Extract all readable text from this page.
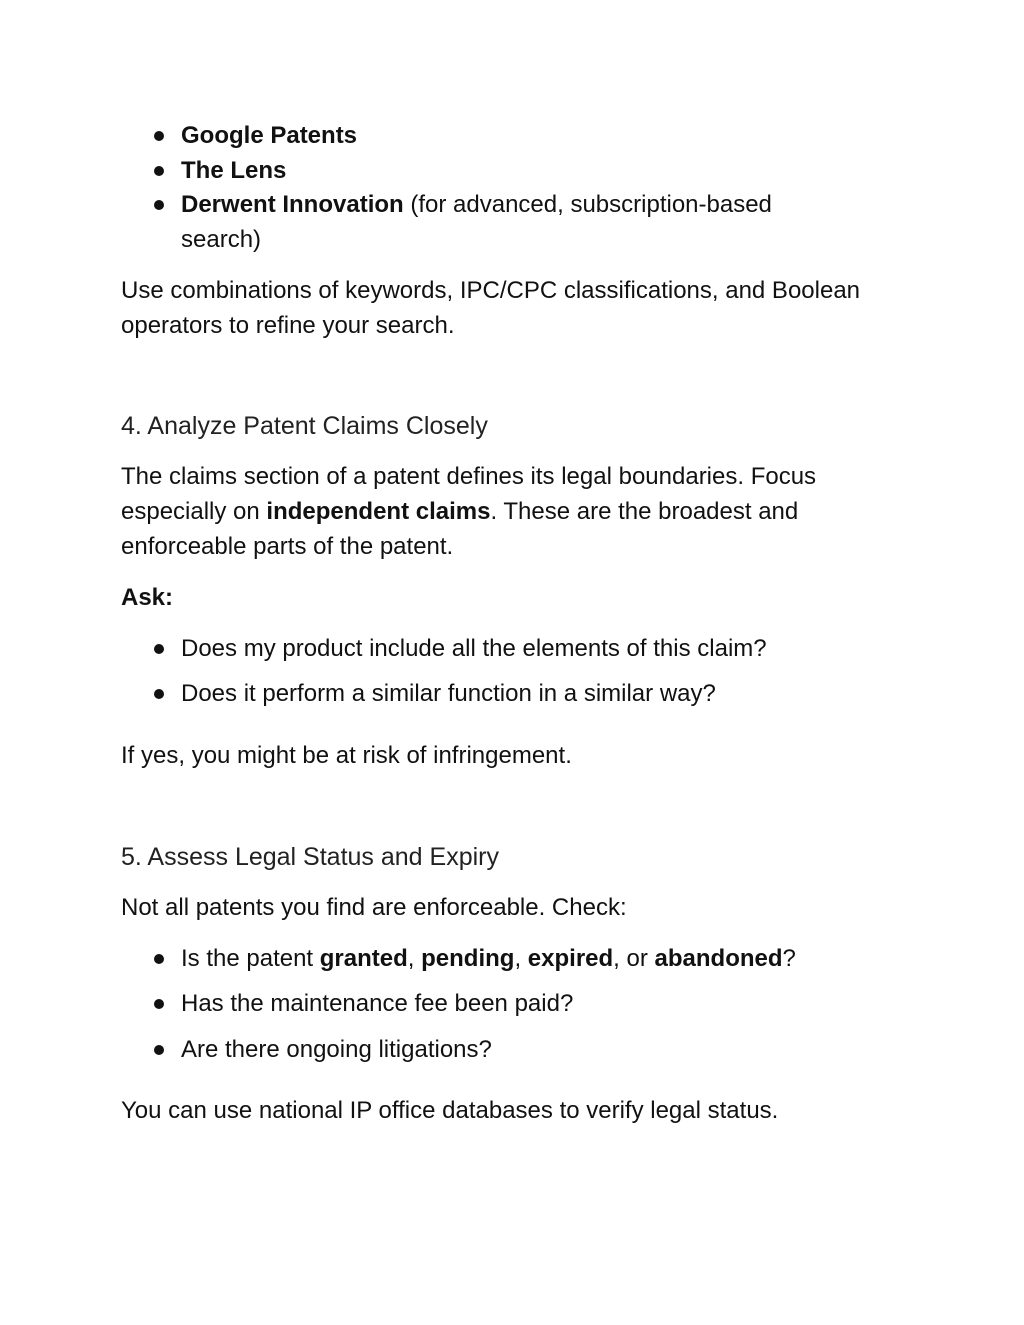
Google Patents
The Lens
Derwent Innovation (for advanced, subscription-based search)

Use combinations of keywords, IPC/CPC classifications, and Boolean operators to refine your search.

4. Analyze Patent Claims Closely

The claims section of a patent defines its legal boundaries. Focus especially on independent claims. These are the broadest and enforceable parts of the patent.

Ask:

Does my product include all the elements of this claim?
Does it perform a similar function in a similar way?

If yes, you might be at risk of infringement.

5. Assess Legal Status and Expiry

Not all patents you find are enforceable. Check:

Is the patent granted, pending, expired, or abandoned?
Has the maintenance fee been paid?
Are there ongoing litigations?

You can use national IP office databases to verify legal status.
